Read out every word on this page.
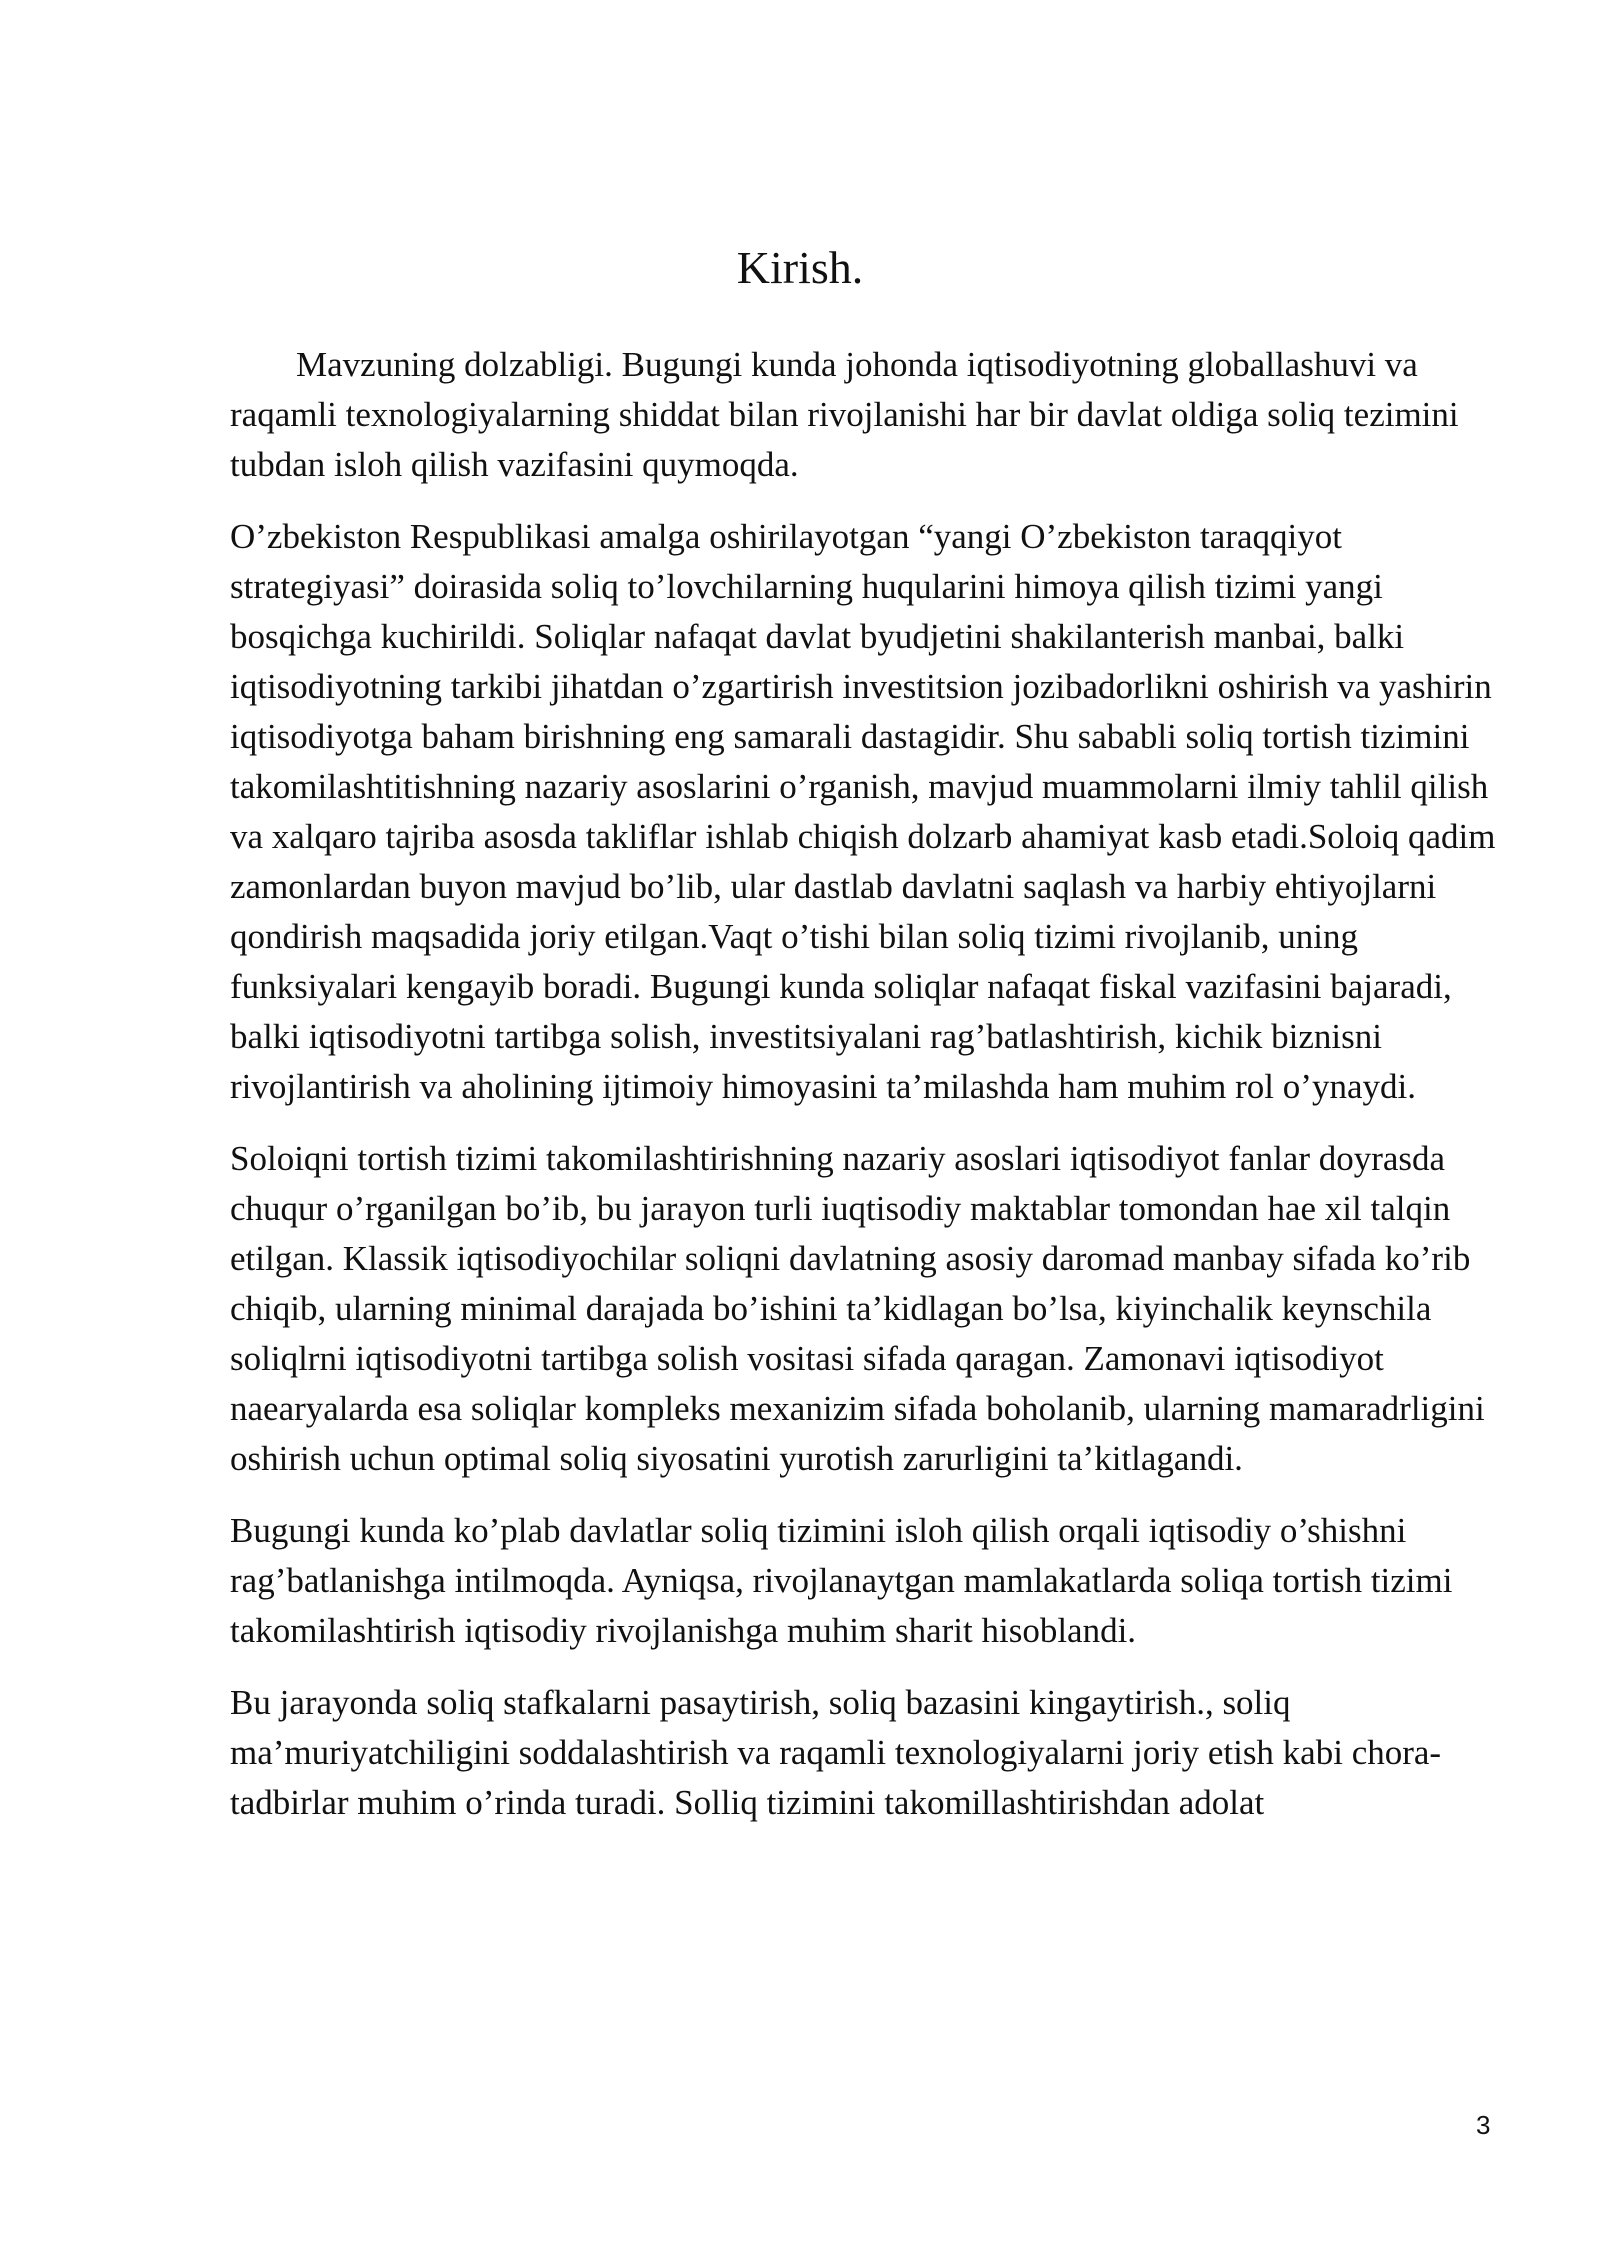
Kirish.

Mavzuning dolzabligi. Bugungi kunda johonda iqtisodiyotning globallashuvi va raqamli texnologiyalarning shiddat bilan rivojlanishi har bir davlat oldiga soliq tezimini tubdan isloh qilish vazifasini quymoqda.

O’zbekiston Respublikasi amalga oshirilayotgan “yangi O’zbekiston taraqqiyot strategiyasi” doirasida soliq to’lovchilarning huqularini himoya qilish tizimi yangi bosqichga kuchirildi. Soliqlar nafaqat davlat byudjetini shakilanterish manbai, balki iqtisodiyotning tarkibi jihatdan o’zgartirish investitsion jozibadorlikni oshirish va yashirin iqtisodiyotga baham birishning eng samarali dastagidir. Shu sababli soliq tortish tizimini takomilashtitishning nazariy asoslarini o’rganish, mavjud muammolarni ilmiy tahlil qilish va xalqaro tajriba asosda takliflar ishlab chiqish dolzarb ahamiyat kasb etadi.Soloiq qadim zamonlardan buyon mavjud bo’lib, ular dastlab davlatni saqlash va harbiy ehtiyojlarni qondirish maqsadida joriy etilgan.Vaqt o’tishi bilan soliq tizimi rivojlanib, uning funksiyalari kengayib boradi. Bugungi kunda soliqlar nafaqat fiskal vazifasini bajaradi, balki iqtisodiyotni tartibga solish, investitsiyalani rag’batlashtirish, kichik biznisni rivojlantirish va aholining ijtimoiy himoyasini ta’milashda ham muhim rol o’ynaydi.

Soloiqni tortish tizimi takomilashtirishning nazariy asoslari iqtisodiyot fanlar doyrasda chuqur o’rganilgan bo’ib, bu jarayon turli iuqtisodiy maktablar tomondan hae xil talqin etilgan. Klassik iqtisodiyochilar soliqni davlatning asosiy daromad manbay sifada ko’rib chiqib, ularning minimal darajada bo’ishini ta’kidlagan bo’lsa, kiyinchalik keynschila soliqlrni iqtisodiyotni tartibga solish vositasi sifada qaragan. Zamonavi iqtisodiyot naearyalarda esa soliqlar kompleks mexanizim sifada boholanib, ularning mamaradrligini oshirish uchun optimal soliq siyosatini yurotish zarurligini ta’kitlagandi.

Bugungi kunda ko’plab davlatlar soliq tizimini isloh qilish orqali iqtisodiy o’shishni rag’batlanishga intilmoqda. Ayniqsa, rivojlanaytgan mamlakatlarda soliqa tortish tizimi takomilashtirish iqtisodiy rivojlanishga muhim sharit hisoblandi.

Bu jarayonda soliq stafkalarni pasaytirish, soliq bazasini kingaytirish., soliq ma’muriyatchiligini soddalashtirish va raqamli texnologiyalarni joriy etish kabi chora-tadbirlar muhim o’rinda turadi. Solliq tizimini takomillashtirishdan adolat

3
